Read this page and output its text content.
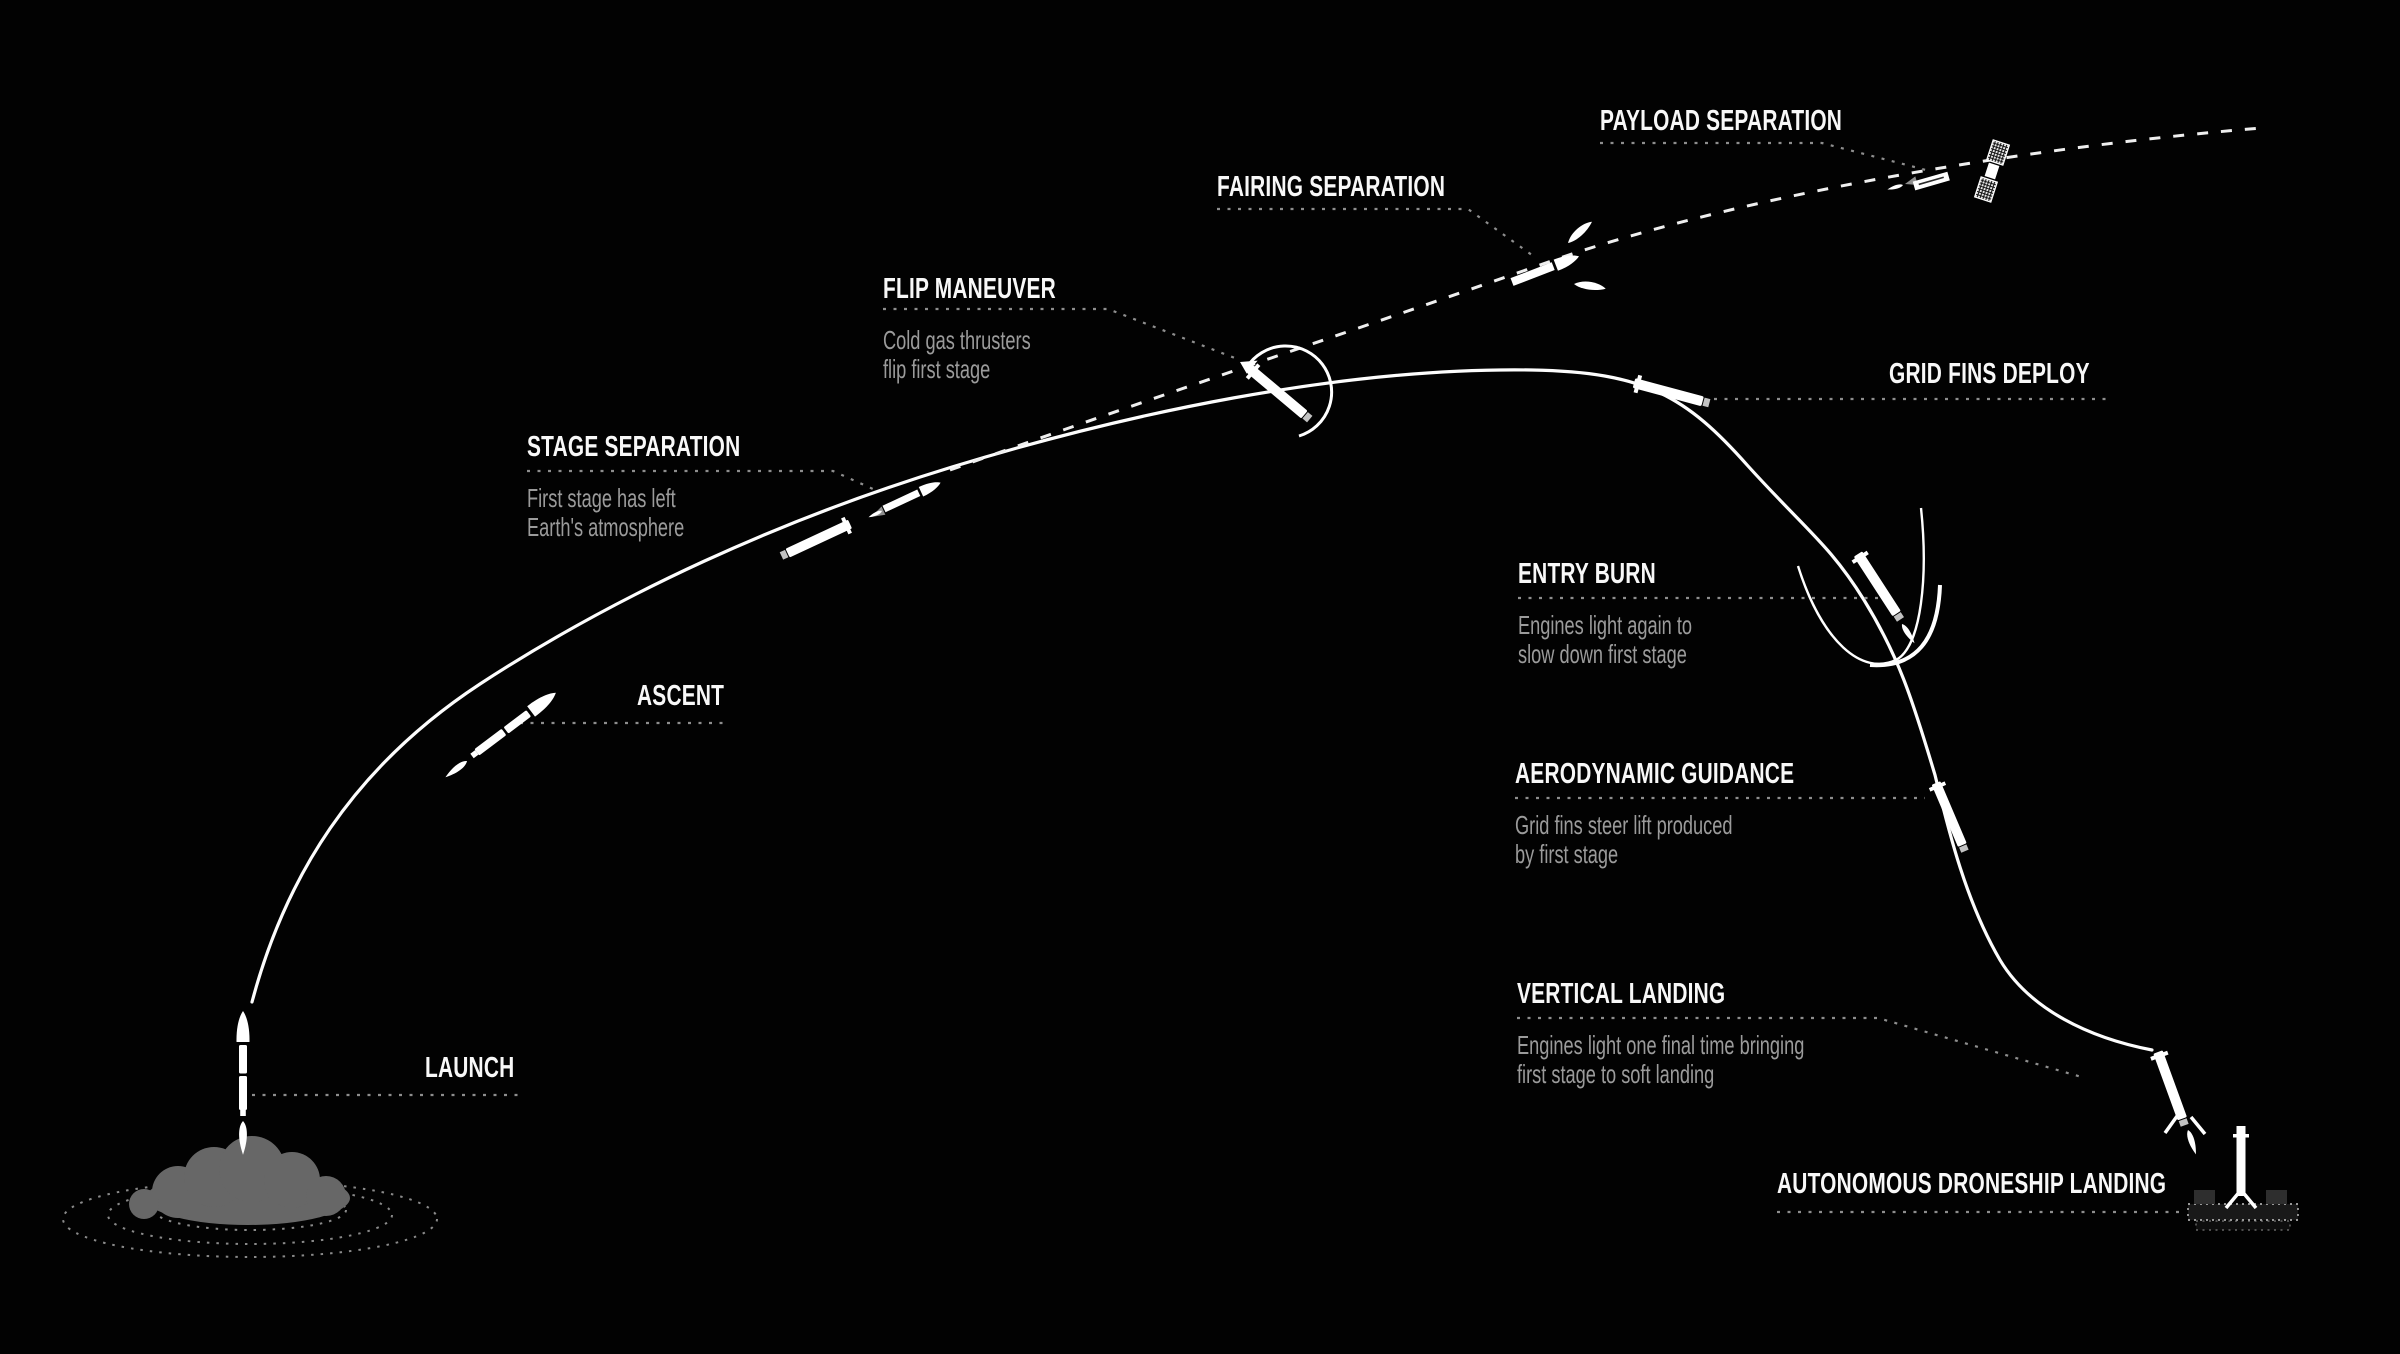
LAUNCH
ASCENT
STAGE SEPARATION
First stage has left
Earth's atmosphere
FLIP MANEUVER
Cold gas thrusters
flip first stage
FAIRING SEPARATION
PAYLOAD SEPARATION
GRID FINS DEPLOY
ENTRY BURN
Engines light again to
slow down first stage
AERODYNAMIC GUIDANCE
Grid fins steer lift produced
by first stage
VERTICAL LANDING
Engines light one final time bringing
first stage to soft landing
AUTONOMOUS DRONESHIP LANDING
